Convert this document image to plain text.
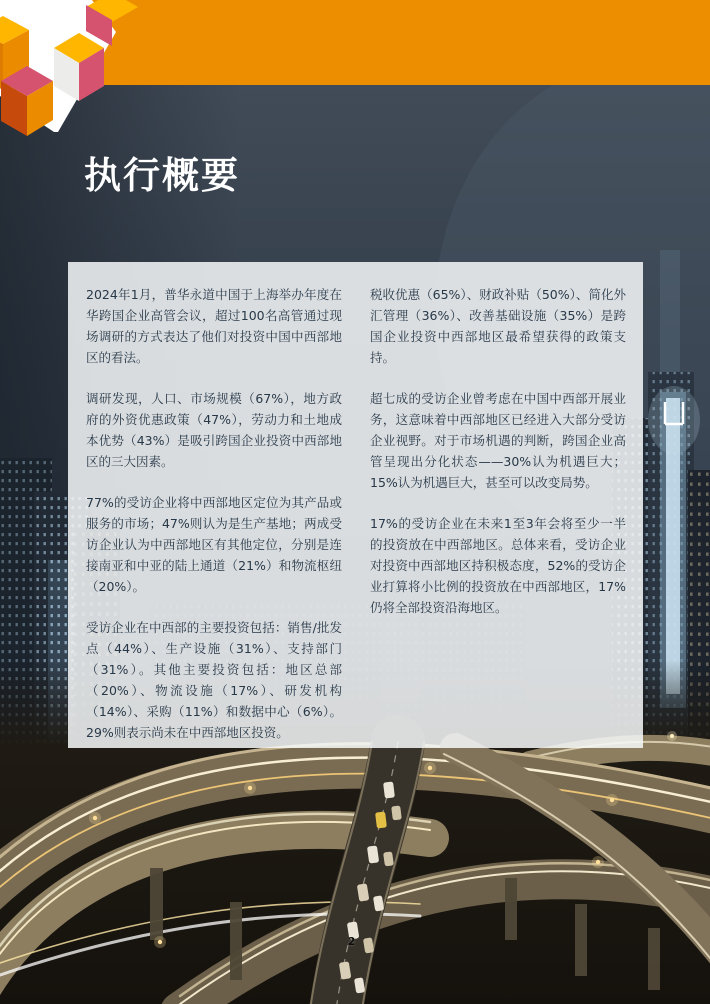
执行概要

2024年1月，普华永道中国于上海举办年度在华跨国企业高管会议，超过100名高管通过现场调研的方式表达了他们对投资中国中西部地区的看法。

调研发现，人口、市场规模（67%），地方政府的外资优惠政策（47%），劳动力和土地成本优势（43%）是吸引跨国企业投资中西部地区的三大因素。

77%的受访企业将中西部地区定位为其产品或服务的市场；47%则认为是生产基地；两成受访企业认为中西部地区有其他定位，分别是连接南亚和中亚的陆上通道（21%）和物流枢纽（20%）。

受访企业在中西部的主要投资包括：销售/批发点（44%）、生产设施（31%）、支持部门（31%）。其他主要投资包括：地区总部（20%）、物流设施（17%）、研发机构（14%）、采购（11%）和数据中心（6%）。29%则表示尚未在中西部地区投资。

税收优惠（65%）、财政补贴（50%）、简化外汇管理（36%）、改善基础设施（35%）是跨国企业投资中西部地区最希望获得的政策支持。

超七成的受访企业曾考虑在中国中西部开展业务，这意味着中西部地区已经进入大部分受访企业视野。对于市场机遇的判断，跨国企业高管呈现出分化状态——30%认为机遇巨大；15%认为机遇巨大，甚至可以改变局势。

17%的受访企业在未来1至3年会将至少一半的投资放在中西部地区。总体来看，受访企业对投资中西部地区持积极态度，52%的受访企业打算将小比例的投资放在中西部地区，17%仍将全部投资沿海地区。

2
